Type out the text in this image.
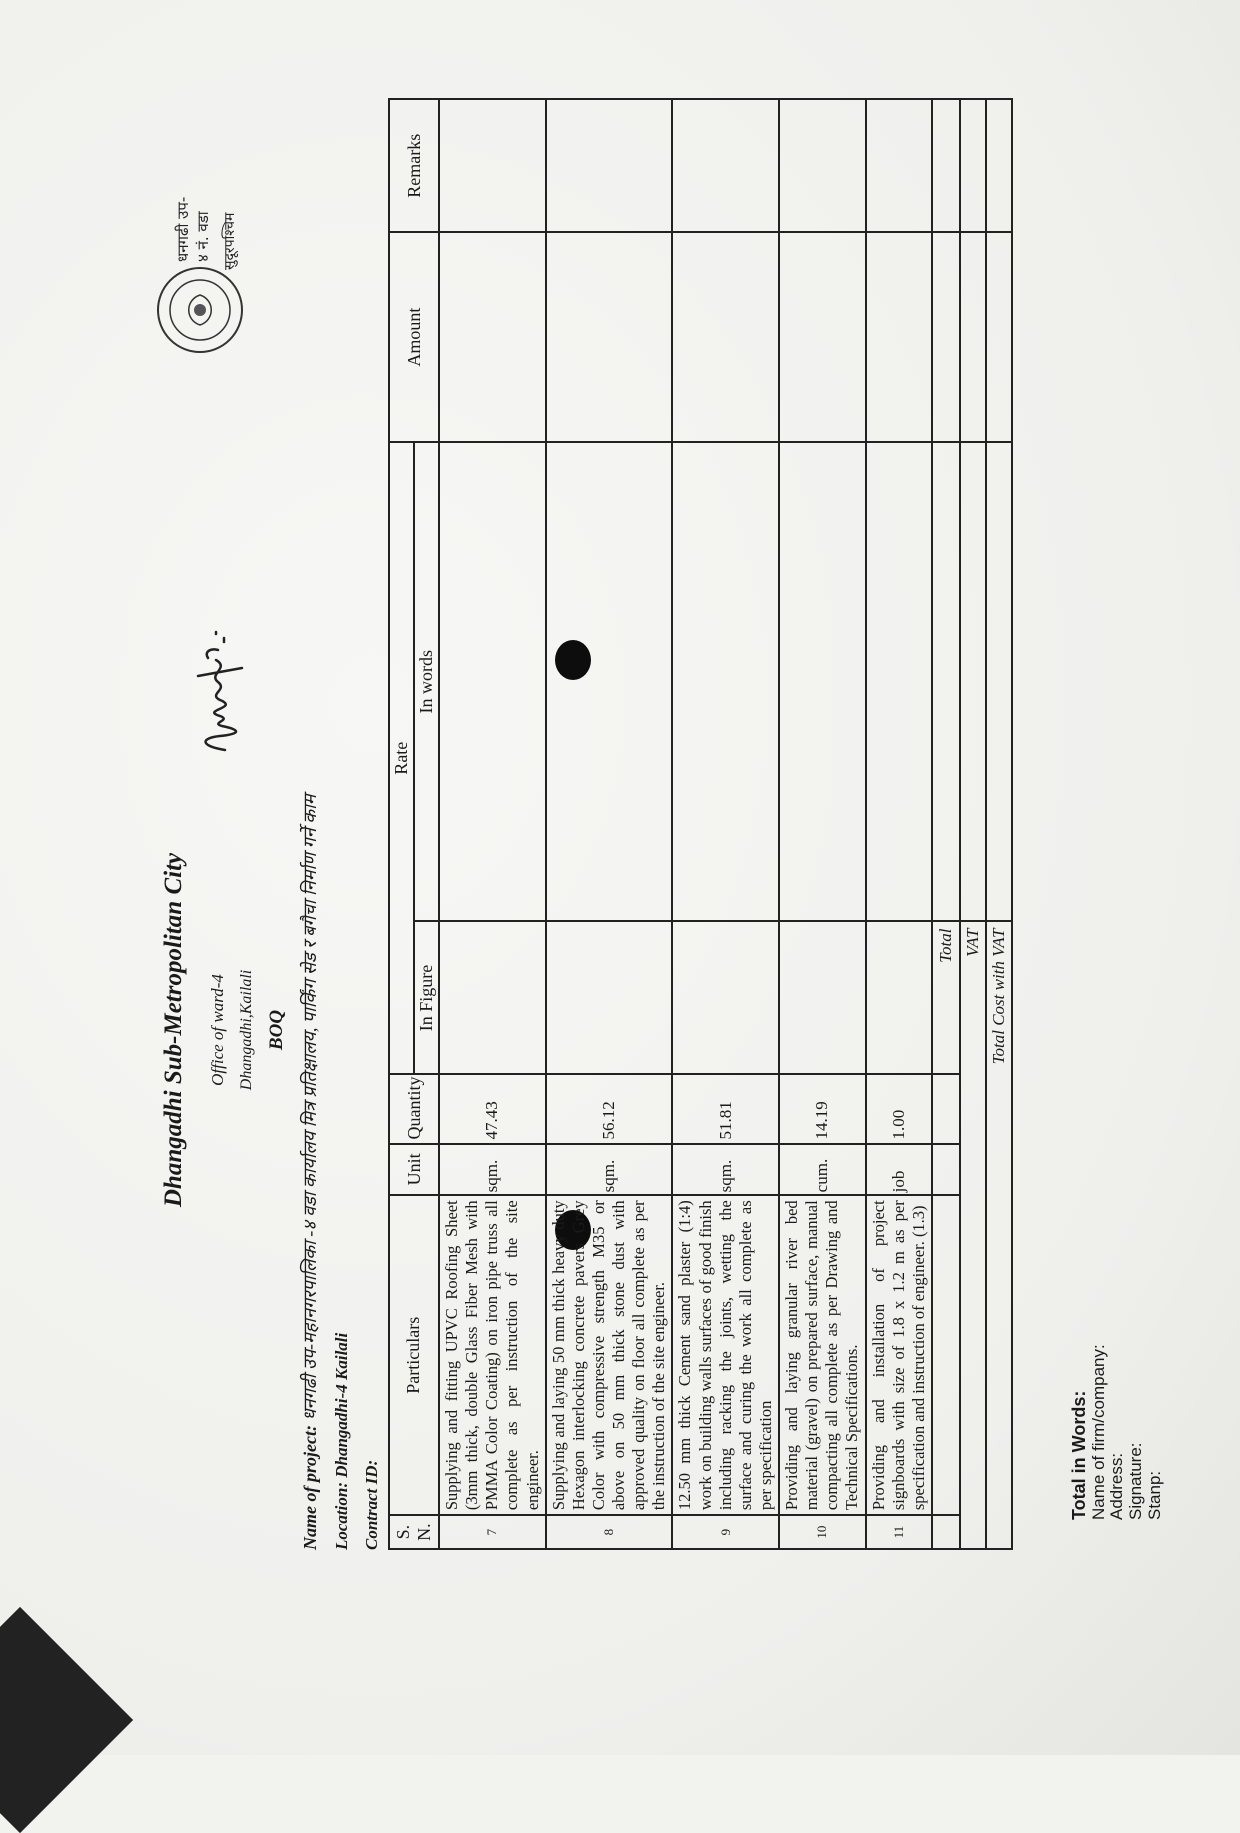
Dhangadhi Sub-Metropolitan City Office of ward-4 Dhangadhi,Kailali BOQ
धनगढी उप- ४ नं. वडा सुदूरपश्चिम
Name of project: धनगढी उप-महानगरपालिका -४ वडा कार्यालय मित्र प्रतिक्षालय, पार्किंग सेड र बगैचा निर्माण गर्ने काम
Location: Dhangadhi-4 Kailali Contract ID: S. N.	Particulars	Unit	Quantity	Rate		Amount	Remarks
				In Figure	In words		
7	Supplying and fitting UPVC Roofing Sheet (3mm thick, double Glass Fiber Mesh with PMMA Color Coating) on iron pipe truss all complete as per instruction of the site engineer.	sqm.	47.43				
8	Supplying and laying 50 mm thick heavy duty Hexagon interlocking concrete pavers Grey Color with compressive strength M35 or above on 50 mm thick stone dust with approved quality on floor all complete as per the instruction of the site engineer.	sqm.	56.12				
9	12.50 mm thick Cement sand plaster (1:4) work on building walls surfaces of good finish including racking the joints, wetting the surface and curing the work all complete as per specification	sqm.	51.81				
10	Providing and laying granular river bed material (gravel) on prepared surface, manual compacting all complete as per Drawing and Technical Specifications.	cum.	14.19				
11	Providing and installation of project signboards with size of 1.8 x 1.2 m as per specification and instruction of engineer. (1.3)	job	1.00				
				Total			
VAT							
Total Cost with VAT							
Total in Words: Name of firm/company: Address: Signature: Stanp:
